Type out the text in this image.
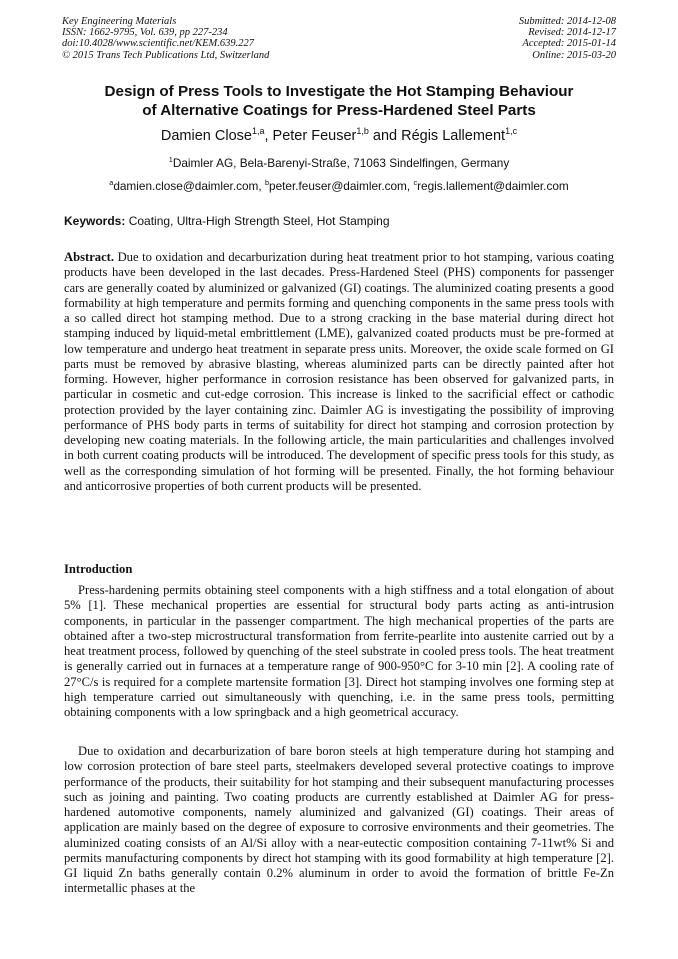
Key Engineering Materials
ISSN: 1662-9795, Vol. 639, pp 227-234
doi:10.4028/www.scientific.net/KEM.639.227
© 2015 Trans Tech Publications Ltd, Switzerland
Submitted: 2014-12-08
Revised: 2014-12-17
Accepted: 2015-01-14
Online: 2015-03-20
Design of Press Tools to Investigate the Hot Stamping Behaviour
of Alternative Coatings for Press-Hardened Steel Parts
Damien Close$^{1,a}$, Peter Feuser$^{1,b}$ and Régis Lallement$^{1,c}$
$^1$Daimler AG, Bela-Barenyi-Straße, 71063 Sindelfingen, Germany
$^a$damien.close@daimler.com, $^b$peter.feuser@daimler.com, $^c$regis.lallement@daimler.com
Keywords: Coating, Ultra-High Strength Steel, Hot Stamping
Abstract. Due to oxidation and decarburization during heat treatment prior to hot stamping, various coating products have been developed in the last decades. Press-Hardened Steel (PHS) components for passenger cars are generally coated by aluminized or galvanized (GI) coatings. The aluminized coating presents a good formability at high temperature and permits forming and quenching components in the same press tools with a so called direct hot stamping method. Due to a strong cracking in the base material during direct hot stamping induced by liquid-metal embrittlement (LME), galvanized coated products must be pre-formed at low temperature and undergo heat treatment in separate press units. Moreover, the oxide scale formed on GI parts must be removed by abrasive blasting, whereas aluminized parts can be directly painted after hot forming. However, higher performance in corrosion resistance has been observed for galvanized parts, in particular in cosmetic and cut-edge corrosion. This increase is linked to the sacrificial effect or cathodic protection provided by the layer containing zinc. Daimler AG is investigating the possibility of improving performance of PHS body parts in terms of suitability for direct hot stamping and corrosion protection by developing new coating materials. In the following article, the main particularities and challenges involved in both current coating products will be introduced. The development of specific press tools for this study, as well as the corresponding simulation of hot forming will be presented. Finally, the hot forming behaviour and anticorrosive properties of both current products will be presented.
Introduction
Press-hardening permits obtaining steel components with a high stiffness and a total elongation of about 5% [1]. These mechanical properties are essential for structural body parts acting as anti-intrusion components, in particular in the passenger compartment. The high mechanical properties of the parts are obtained after a two-step microstructural transformation from ferrite-pearlite into austenite carried out by a heat treatment process, followed by quenching of the steel substrate in cooled press tools. The heat treatment is generally carried out in furnaces at a temperature range of 900-950°C for 3-10 min [2]. A cooling rate of 27°C/s is required for a complete martensite formation [3]. Direct hot stamping involves one forming step at high temperature carried out simultaneously with quenching, i.e. in the same press tools, permitting obtaining components with a low springback and a high geometrical accuracy.
Due to oxidation and decarburization of bare boron steels at high temperature during hot stamping and low corrosion protection of bare steel parts, steelmakers developed several protective coatings to improve performance of the products, their suitability for hot stamping and their subsequent manufacturing processes such as joining and painting. Two coating products are currently established at Daimler AG for press-hardened automotive components, namely aluminized and galvanized (GI) coatings. Their areas of application are mainly based on the degree of exposure to corrosive environments and their geometries. The aluminized coating consists of an Al/Si alloy with a near-eutectic composition containing 7-11wt% Si and permits manufacturing components by direct hot stamping with its good formability at high temperature [2]. GI liquid Zn baths generally contain 0.2% aluminum in order to avoid the formation of brittle Fe-Zn intermetallic phases at the
